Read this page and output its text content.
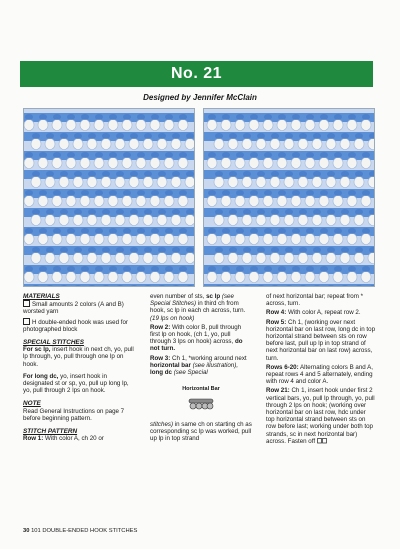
No. 21
Designed by Jennifer McClain
MATERIALS

Small amounts 2 colors (A and B) worsted yarn

H double-ended hook was used for photographed block

SPECIAL STITCHES

For sc lp, insert hook in next ch, yo, pull lp through, yo, pull through one lp on hook.

For long dc, yo, insert hook in designated st or sp, yo, pull up long lp, yo, pull through 2 lps on hook.

NOTE

Read General Instructions on page 7 before beginning pattern.

STITCH PATTERN

Row 1: With color A, ch 20 or

even number of sts, sc lp (see Special Stitches) in third ch from hook, sc lp in each ch across, turn. (19 lps on hook)

Row 2: With color B, pull through first lp on hook, (ch 1, yo, pull through 3 lps on hook) across, do not turn.

Row 3: Ch 1, *working around next horizontal bar (see illustration), long dc (see Special

Horizontal Bar

stitches) in same ch on starting ch as corresponding sc lp was worked, pull up lp in top strand

of next horizontal bar; repeat from * across, turn.

Row 4: With color A, repeat row 2.

Row 5: Ch 1, (working over next horizontal bar on last row, long dc in top horizontal strand between sts on row before last, pull up lp in top strand of next horizontal bar on last row) across, turn.

Rows 6-20: Alternating colors B and A, repeat rows 4 and 5 alternately, ending with row 4 and color A.

Row 21: Ch 1, insert hook under first 2 vertical bars, yo, pull lp through, yo, pull through 2 lps on hook; (working over horizontal bar on last row, hdc under top horizontal strand between sts on row before last; working under both top strands, sc in next horizontal bar) across. Fasten off

30 101 DOUBLE-ENDED HOOK STITCHES
